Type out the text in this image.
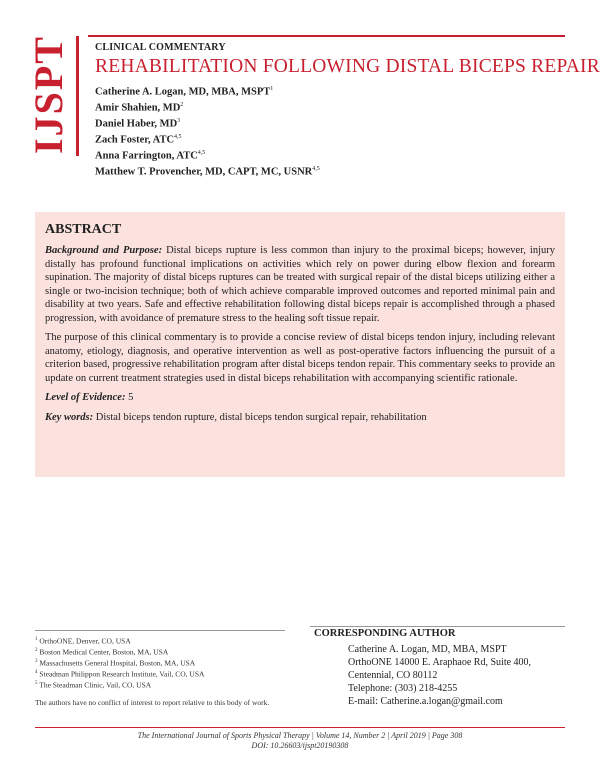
IJSPT CLINICAL COMMENTARY
REHABILITATION FOLLOWING DISTAL BICEPS REPAIR
Catherine A. Logan, MD, MBA, MSPT$^1$
Amir Shahien, $MD^2$
Daniel Haber, $MD^3$
Zach Foster, ATC$^{4,5}$
Anna Farrington, ATC$^{4,5}$
Matthew T. Provencher, MD, CAPT, MC, USNR$^{4,5}$
ABSTRACT

Background and Purpose: Distal biceps rupture is less common than injury to the proximal biceps; however, injury distally has profound functional implications on activities which rely on power during elbow flexion and forearm supination. The majority of distal biceps ruptures can be treated with surgical repair of the distal biceps utilizing either a single or two-incision technique; both of which achieve comparable improved outcomes and reported minimal pain and disability at two years. Safe and effective rehabilitation following distal biceps repair is accomplished through a phased progression, with avoidance of premature stress to the healing soft tissue repair.

The purpose of this clinical commentary is to provide a concise review of distal biceps tendon injury, including relevant anatomy, etiology, diagnosis, and operative intervention as well as post-operative factors influencing the pursuit of a criterion based, progressive rehabilitation program after distal biceps tendon repair. This commentary seeks to provide an update on current treatment strategies used in distal biceps rehabilitation with accompanying scientific rationale.

Level of Evidence: 5

Key words: Distal biceps tendon rupture, distal biceps tendon surgical repair, rehabilitation

$^1$ OrthoONE, Denver, CO, USA
$^2$ Boston Medical Center, Boston, MA, USA
$^3$ Massachusetts General Hospital, Boston, MA, USA
$^4$ Steadman Philippon Research Institute, Vail, CO, USA
$^5$ The Steadman Clinic, Vail, CO, USA
The authors have no conflict of interest to report relative to this body of work.
CORRESPONDING AUTHOR
Catherine A. Logan, MD, MBA, MSPT
OrthoONE 14000 E. Araphaoe Rd, Suite 400,
Centennial, CO 80112
Telephone: (303) 218-4255
E-mail: Catherine.a.logan@gmail.com
The International Journal of Sports Physical Therapy | Volume 14, Number 2 | April 2019 | Page 308
DOI: 10.26603/ijspt20190308
